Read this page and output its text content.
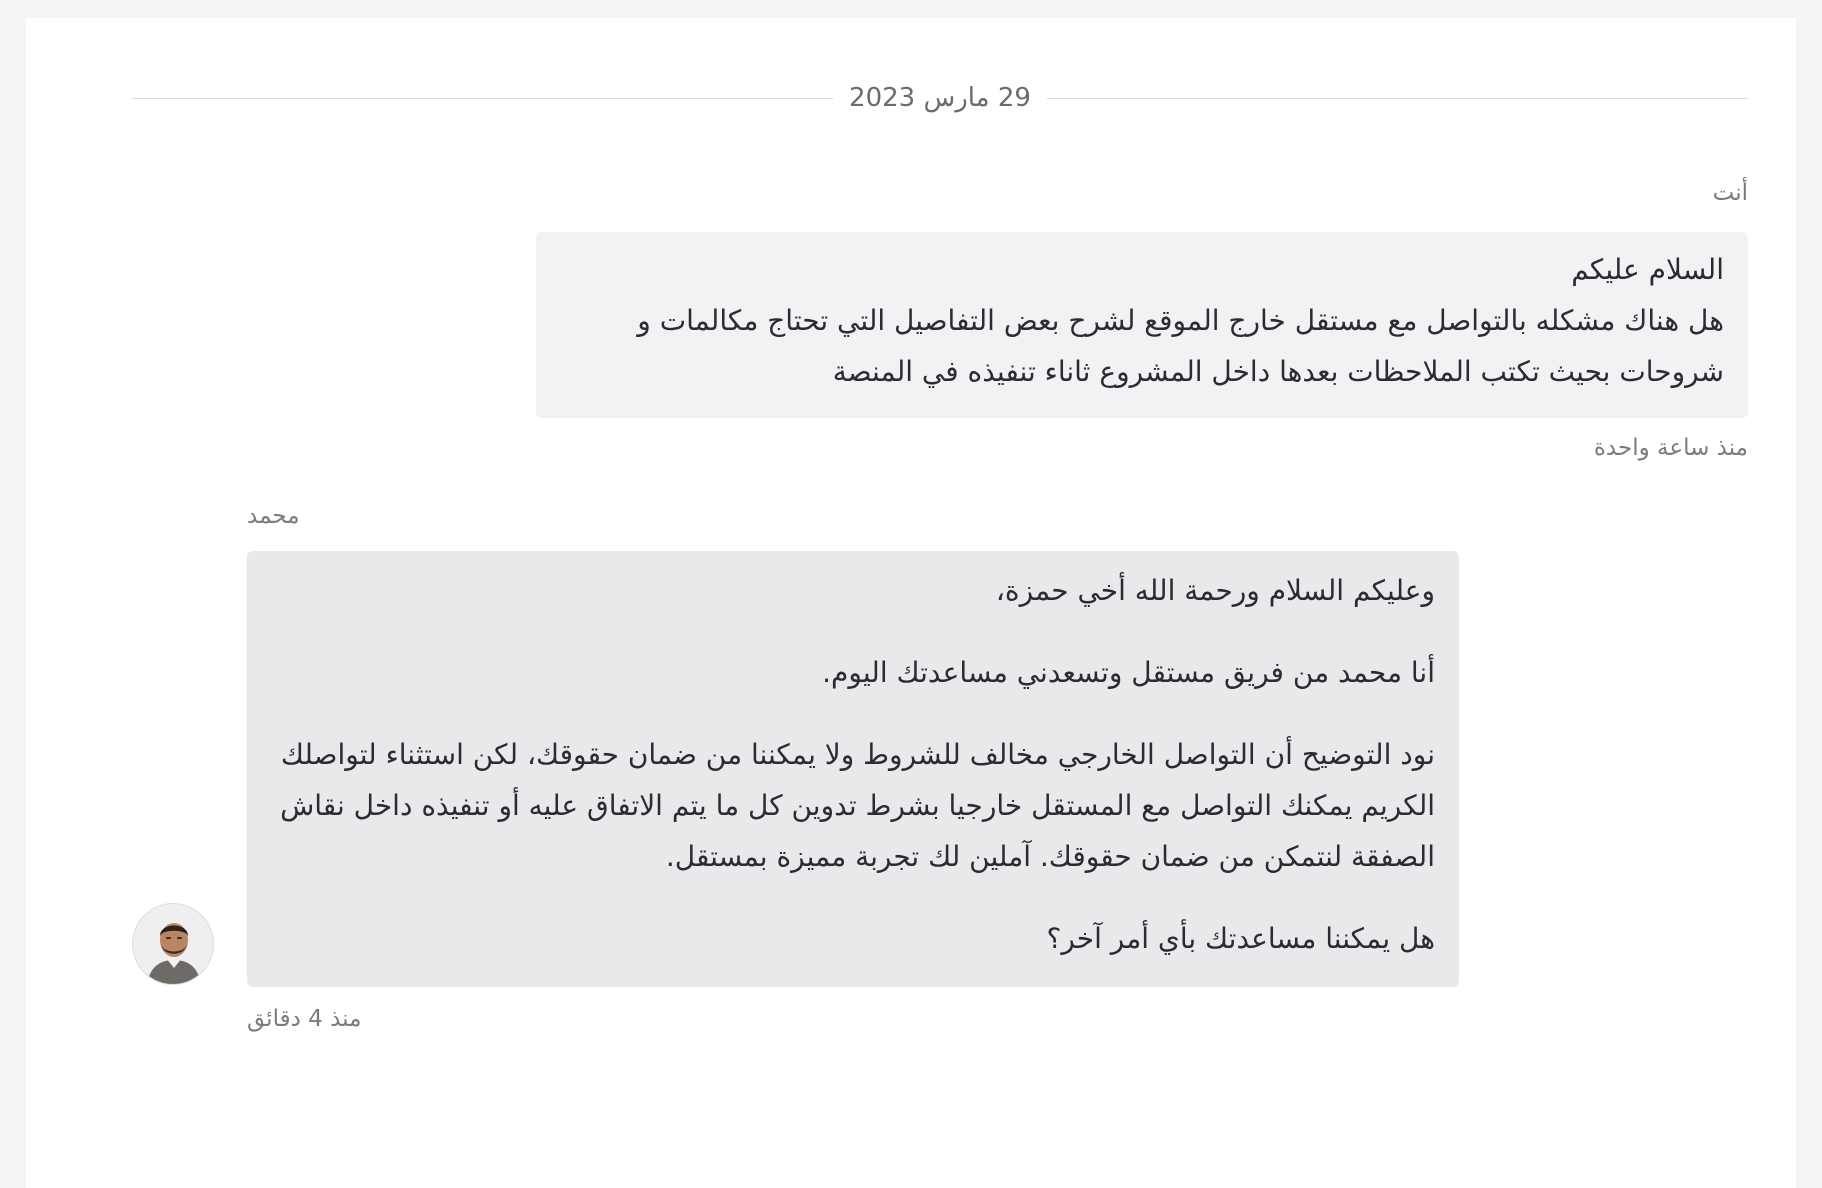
29 مارس 2023
أنت

السلام عليكم

هل هناك مشكله بالتواصل مع مستقل خارج الموقع لشرح بعض التفاصيل التي تحتاج مكالمات و

شروحات بحيث تكتب الملاحظات بعدها داخل المشروع ثاناء تنفيذه في المنصة

منذ ساعة واحدة
محمد

وعليكم السلام ورحمة الله أخي حمزة،

أنا محمد من فريق مستقل وتسعدني مساعدتك اليوم.

نود التوضيح أن التواصل الخارجي مخالف للشروط ولا يمكننا من ضمان حقوقك، لكن استثناء لتواصلك الكريم يمكنك التواصل مع المستقل خارجيا بشرط تدوين كل ما يتم الاتفاق عليه أو تنفيذه داخل نقاش الصفقة لنتمكن من ضمان حقوقك. آملين لك تجربة مميزة بمستقل.

هل يمكننا مساعدتك بأي أمر آخر؟

منذ 4 دقائق
